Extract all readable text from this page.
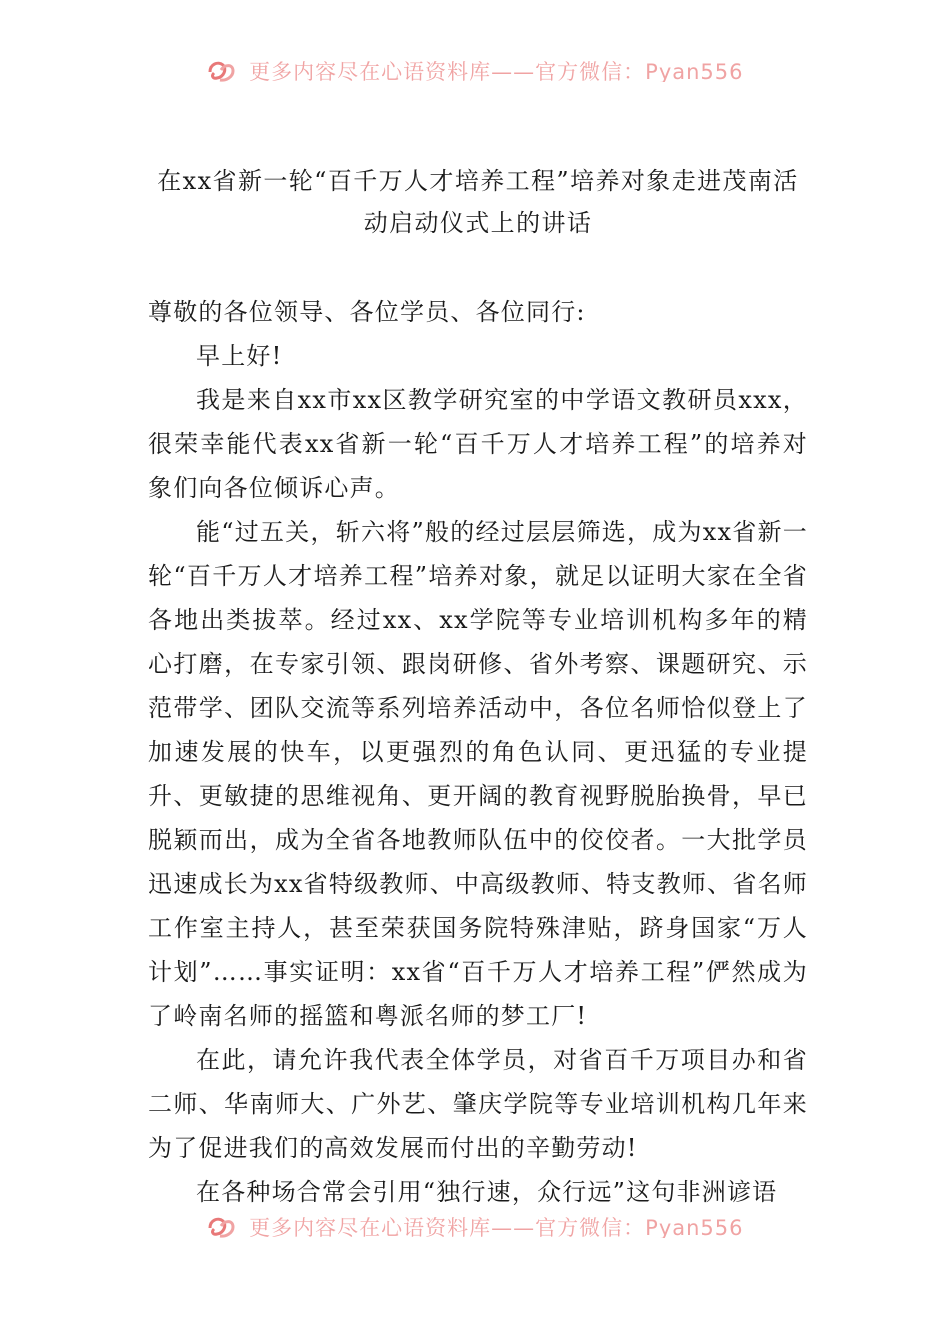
更多内容尽在心语资料库——官方微信：Pyan556
在xx省新一轮“百千万人才培养工程”培养对象走进茂南活动启动仪式上的讲话

尊敬的各位领导、各位学员、各位同行:

早上好!

我是来自xx市xx区教学研究室的中学语文教研员xxx，很荣幸能代表xx省新一轮“百千万人才培养工程”的培养对象们向各位倾诉心声。

能“过五关，斩六将”般的经过层层筛选，成为xx省新一轮“百千万人才培养工程”培养对象，就足以证明大家在全省各地出类拔萃。经过xx、xx学院等专业培训机构多年的精心打磨，在专家引领、跟岗研修、省外考察、课题研究、示范带学、团队交流等系列培养活动中，各位名师恰似登上了加速发展的快车，以更强烈的角色认同、更迅猛的专业提升、更敏捷的思维视角、更开阔的教育视野脱胎换骨，早已脱颖而出，成为全省各地教师队伍中的佼佼者。一大批学员迅速成长为xx省特级教师、中高级教师、特支教师、省名师工作室主持人，甚至荣获国务院特殊津贴，跻身国家“万人计划”……事实证明：xx省“百千万人才培养工程”俨然成为了岭南名师的摇篮和粤派名师的梦工厂!

在此，请允许我代表全体学员，对省百千万项目办和省二师、华南师大、广外艺、肇庆学院等专业培训机构几年来为了促进我们的高效发展而付出的辛勤劳动!

在各种场合常会引用“独行速，众行远”这句非洲谚语

更多内容尽在心语资料库——官方微信：Pyan556
